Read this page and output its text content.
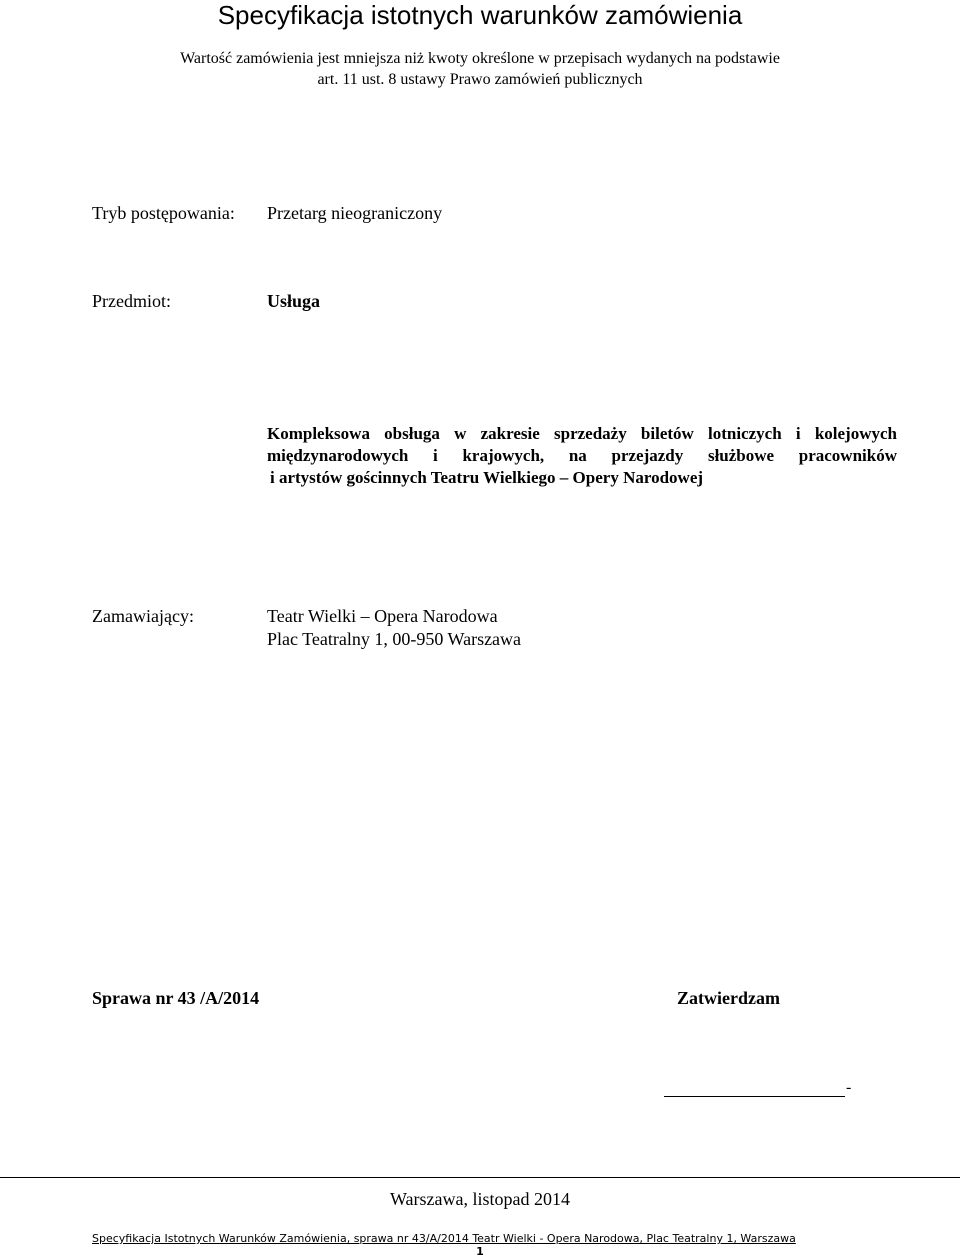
Specyfikacja istotnych warunków zamówienia
Wartość zamówienia jest mniejsza niż kwoty określone w przepisach wydanych na podstawie
art. 11 ust. 8 ustawy Prawo zamówień publicznych
Tryb postępowania: Przetarg nieograniczony
Przedmiot:	Usługa
Kompleksowa obsługa w zakresie sprzedaży biletów lotniczych i kolejowych
międzynarodowych i krajowych, na przejazdy służbowe pracowników
i artystów gościnnych Teatru Wielkiego – Opery Narodowej
Zamawiający:	Teatr Wielki – Opera Narodowa
Plac Teatralny 1, 00-950 Warszawa
Sprawa nr 43 /A/2014	Zatwierdzam
-
Warszawa, listopad 2014
Specyfikacja Istotnych Warunków Zamówienia, sprawa nr 43/A/2014 Teatr Wielki - Opera Narodowa, Plac Teatralny 1, Warszawa
1
